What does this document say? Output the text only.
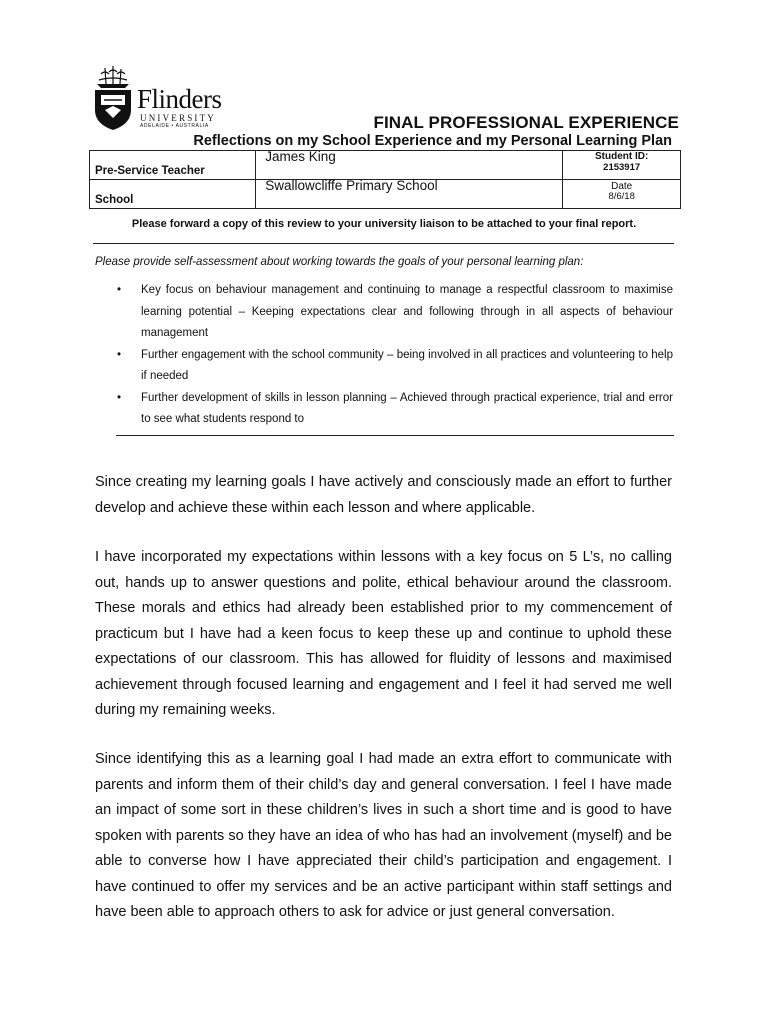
Flinders
UNIVERSITY
ADELAIDE • AUSTRALIA	FINAL PROFESSIONAL EXPERIENCE
Reflections on my School Experience and my Personal Learning Plan
Pre-Service Teacher	James King	Student ID:
2153917

School	Swallowcliffe Primary School	Date
8/6/18
Please forward a copy of this review to your university liaison to be attached to your final report.
Please provide self-assessment about working towards the goals of your personal learning plan:
• Key focus on behaviour management and continuing to manage a respectful classroom to maximise learning potential – Keeping expectations clear and following through in all aspects of behaviour management
• Further engagement with the school community – being involved in all practices and volunteering to help if needed
• Further development of skills in lesson planning – Achieved through practical experience, trial and error to see what students respond to

Since creating my learning goals I have actively and consciously made an effort to further develop and achieve these within each lesson and where applicable.

I have incorporated my expectations within lessons with a key focus on 5 L’s, no calling out, hands up to answer questions and polite, ethical behaviour around the classroom. These morals and ethics had already been established prior to my commencement of practicum but I have had a keen focus to keep these up and continue to uphold these expectations of our classroom. This has allowed for fluidity of lessons and maximised achievement through focused learning and engagement and I feel it had served me well during my remaining weeks.

Since identifying this as a learning goal I had made an extra effort to communicate with parents and inform them of their child’s day and general conversation. I feel I have made an impact of some sort in these children’s lives in such a short time and is good to have spoken with parents so they have an idea of who has had an involvement (myself) and be able to converse how I have appreciated their child’s participation and engagement. I have continued to offer my services and be an active participant within staff settings and have been able to approach others to ask for advice or just general conversation.
